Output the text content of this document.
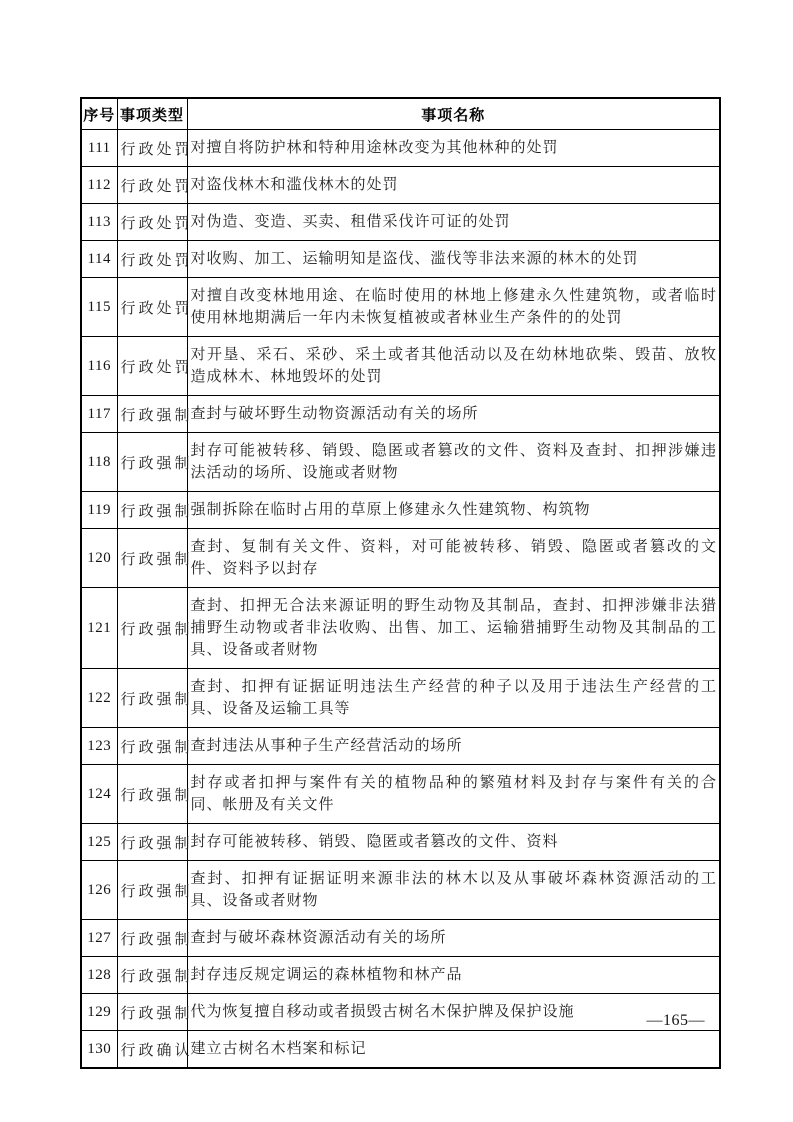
序号	事项类型	事项名称
111	行政处罚	对擅自将防护林和特种用途林改变为其他林种的处罚
112	行政处罚	对盗伐林木和滥伐林木的处罚
113	行政处罚	对伪造、变造、买卖、租借采伐许可证的处罚
114	行政处罚	对收购、加工、运输明知是盗伐、滥伐等非法来源的林木的处罚
115	行政处罚	对擅自改变林地用途、在临时使用的林地上修建永久性建筑物，或者临时使用林地期满后一年内未恢复植被或者林业生产条件的的处罚
116	行政处罚	对开垦、采石、采砂、采土或者其他活动以及在幼林地砍柴、毁苗、放牧造成林木、林地毁坏的处罚
117	行政强制	查封与破坏野生动物资源活动有关的场所
118	行政强制	封存可能被转移、销毁、隐匿或者篡改的文件、资料及查封、扣押涉嫌违法活动的场所、设施或者财物
119	行政强制	强制拆除在临时占用的草原上修建永久性建筑物、构筑物
120	行政强制	查封、复制有关文件、资料，对可能被转移、销毁、隐匿或者篡改的文件、资料予以封存
121	行政强制	查封、扣押无合法来源证明的野生动物及其制品，查封、扣押涉嫌非法猎捕野生动物或者非法收购、出售、加工、运输猎捕野生动物及其制品的工具、设备或者财物
122	行政强制	查封、扣押有证据证明违法生产经营的种子以及用于违法生产经营的工具、设备及运输工具等
123	行政强制	查封违法从事种子生产经营活动的场所
124	行政强制	封存或者扣押与案件有关的植物品种的繁殖材料及封存与案件有关的合同、帐册及有关文件
125	行政强制	封存可能被转移、销毁、隐匿或者篡改的文件、资料
126	行政强制	查封、扣押有证据证明来源非法的林木以及从事破坏森林资源活动的工具、设备或者财物
127	行政强制	查封与破坏森林资源活动有关的场所
128	行政强制	封存违反规定调运的森林植物和林产品
129	行政强制	代为恢复擅自移动或者损毁古树名木保护牌及保护设施
130	行政确认	建立古树名木档案和标记
—165—
